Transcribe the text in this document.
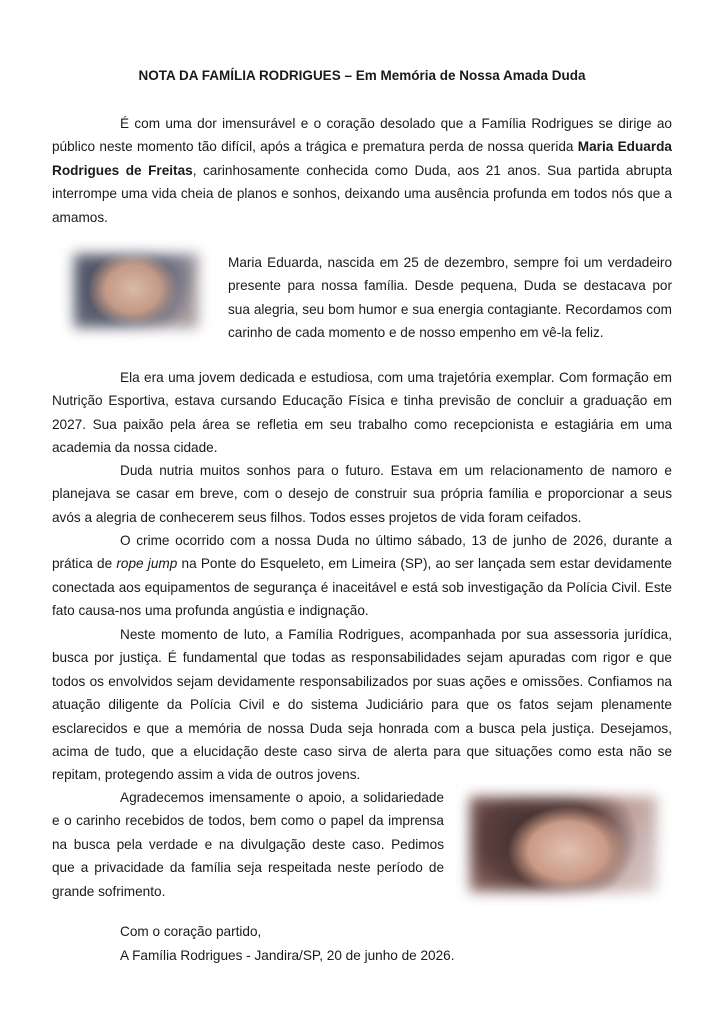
NOTA DA FAMÍLIA RODRIGUES – Em Memória de Nossa Amada Duda

É com uma dor imensurável e o coração desolado que a Família Rodrigues se dirige ao público neste momento tão difícil, após a trágica e prematura perda de nossa querida Maria Eduarda Rodrigues de Freitas, carinhosamente conhecida como Duda, aos 21 anos. Sua partida abrupta interrompe uma vida cheia de planos e sonhos, deixando uma ausência profunda em todos nós que a amamos.

Maria Eduarda, nascida em 25 de dezembro, sempre foi um verdadeiro presente para nossa família. Desde pequena, Duda se destacava por sua alegria, seu bom humor e sua energia contagiante. Recordamos com carinho de cada momento e de nosso empenho em vê-la feliz.

Ela era uma jovem dedicada e estudiosa, com uma trajetória exemplar. Com formação em Nutrição Esportiva, estava cursando Educação Física e tinha previsão de concluir a graduação em 2027. Sua paixão pela área se refletia em seu trabalho como recepcionista e estagiária em uma academia da nossa cidade.

Duda nutria muitos sonhos para o futuro. Estava em um relacionamento de namoro e planejava se casar em breve, com o desejo de construir sua própria família e proporcionar a seus avós a alegria de conhecerem seus filhos. Todos esses projetos de vida foram ceifados.

O crime ocorrido com a nossa Duda no último sábado, 13 de junho de 2026, durante a prática de rope jump na Ponte do Esqueleto, em Limeira (SP), ao ser lançada sem estar devidamente conectada aos equipamentos de segurança é inaceitável e está sob investigação da Polícia Civil. Este fato causa-nos uma profunda angústia e indignação.

Neste momento de luto, a Família Rodrigues, acompanhada por sua assessoria jurídica, busca por justiça. É fundamental que todas as responsabilidades sejam apuradas com rigor e que todos os envolvidos sejam devidamente responsabilizados por suas ações e omissões. Confiamos na atuação diligente da Polícia Civil e do sistema Judiciário para que os fatos sejam plenamente esclarecidos e que a memória de nossa Duda seja honrada com a busca pela justiça. Desejamos, acima de tudo, que a elucidação deste caso sirva de alerta para que situações como esta não se repitam, protegendo assim a vida de outros jovens.

Agradecemos imensamente o apoio, a solidariedade e o carinho recebidos de todos, bem como o papel da imprensa na busca pela verdade e na divulgação deste caso. Pedimos que a privacidade da família seja respeitada neste período de grande sofrimento.

Com o coração partido,

A Família Rodrigues - Jandira/SP, 20 de junho de 2026.
